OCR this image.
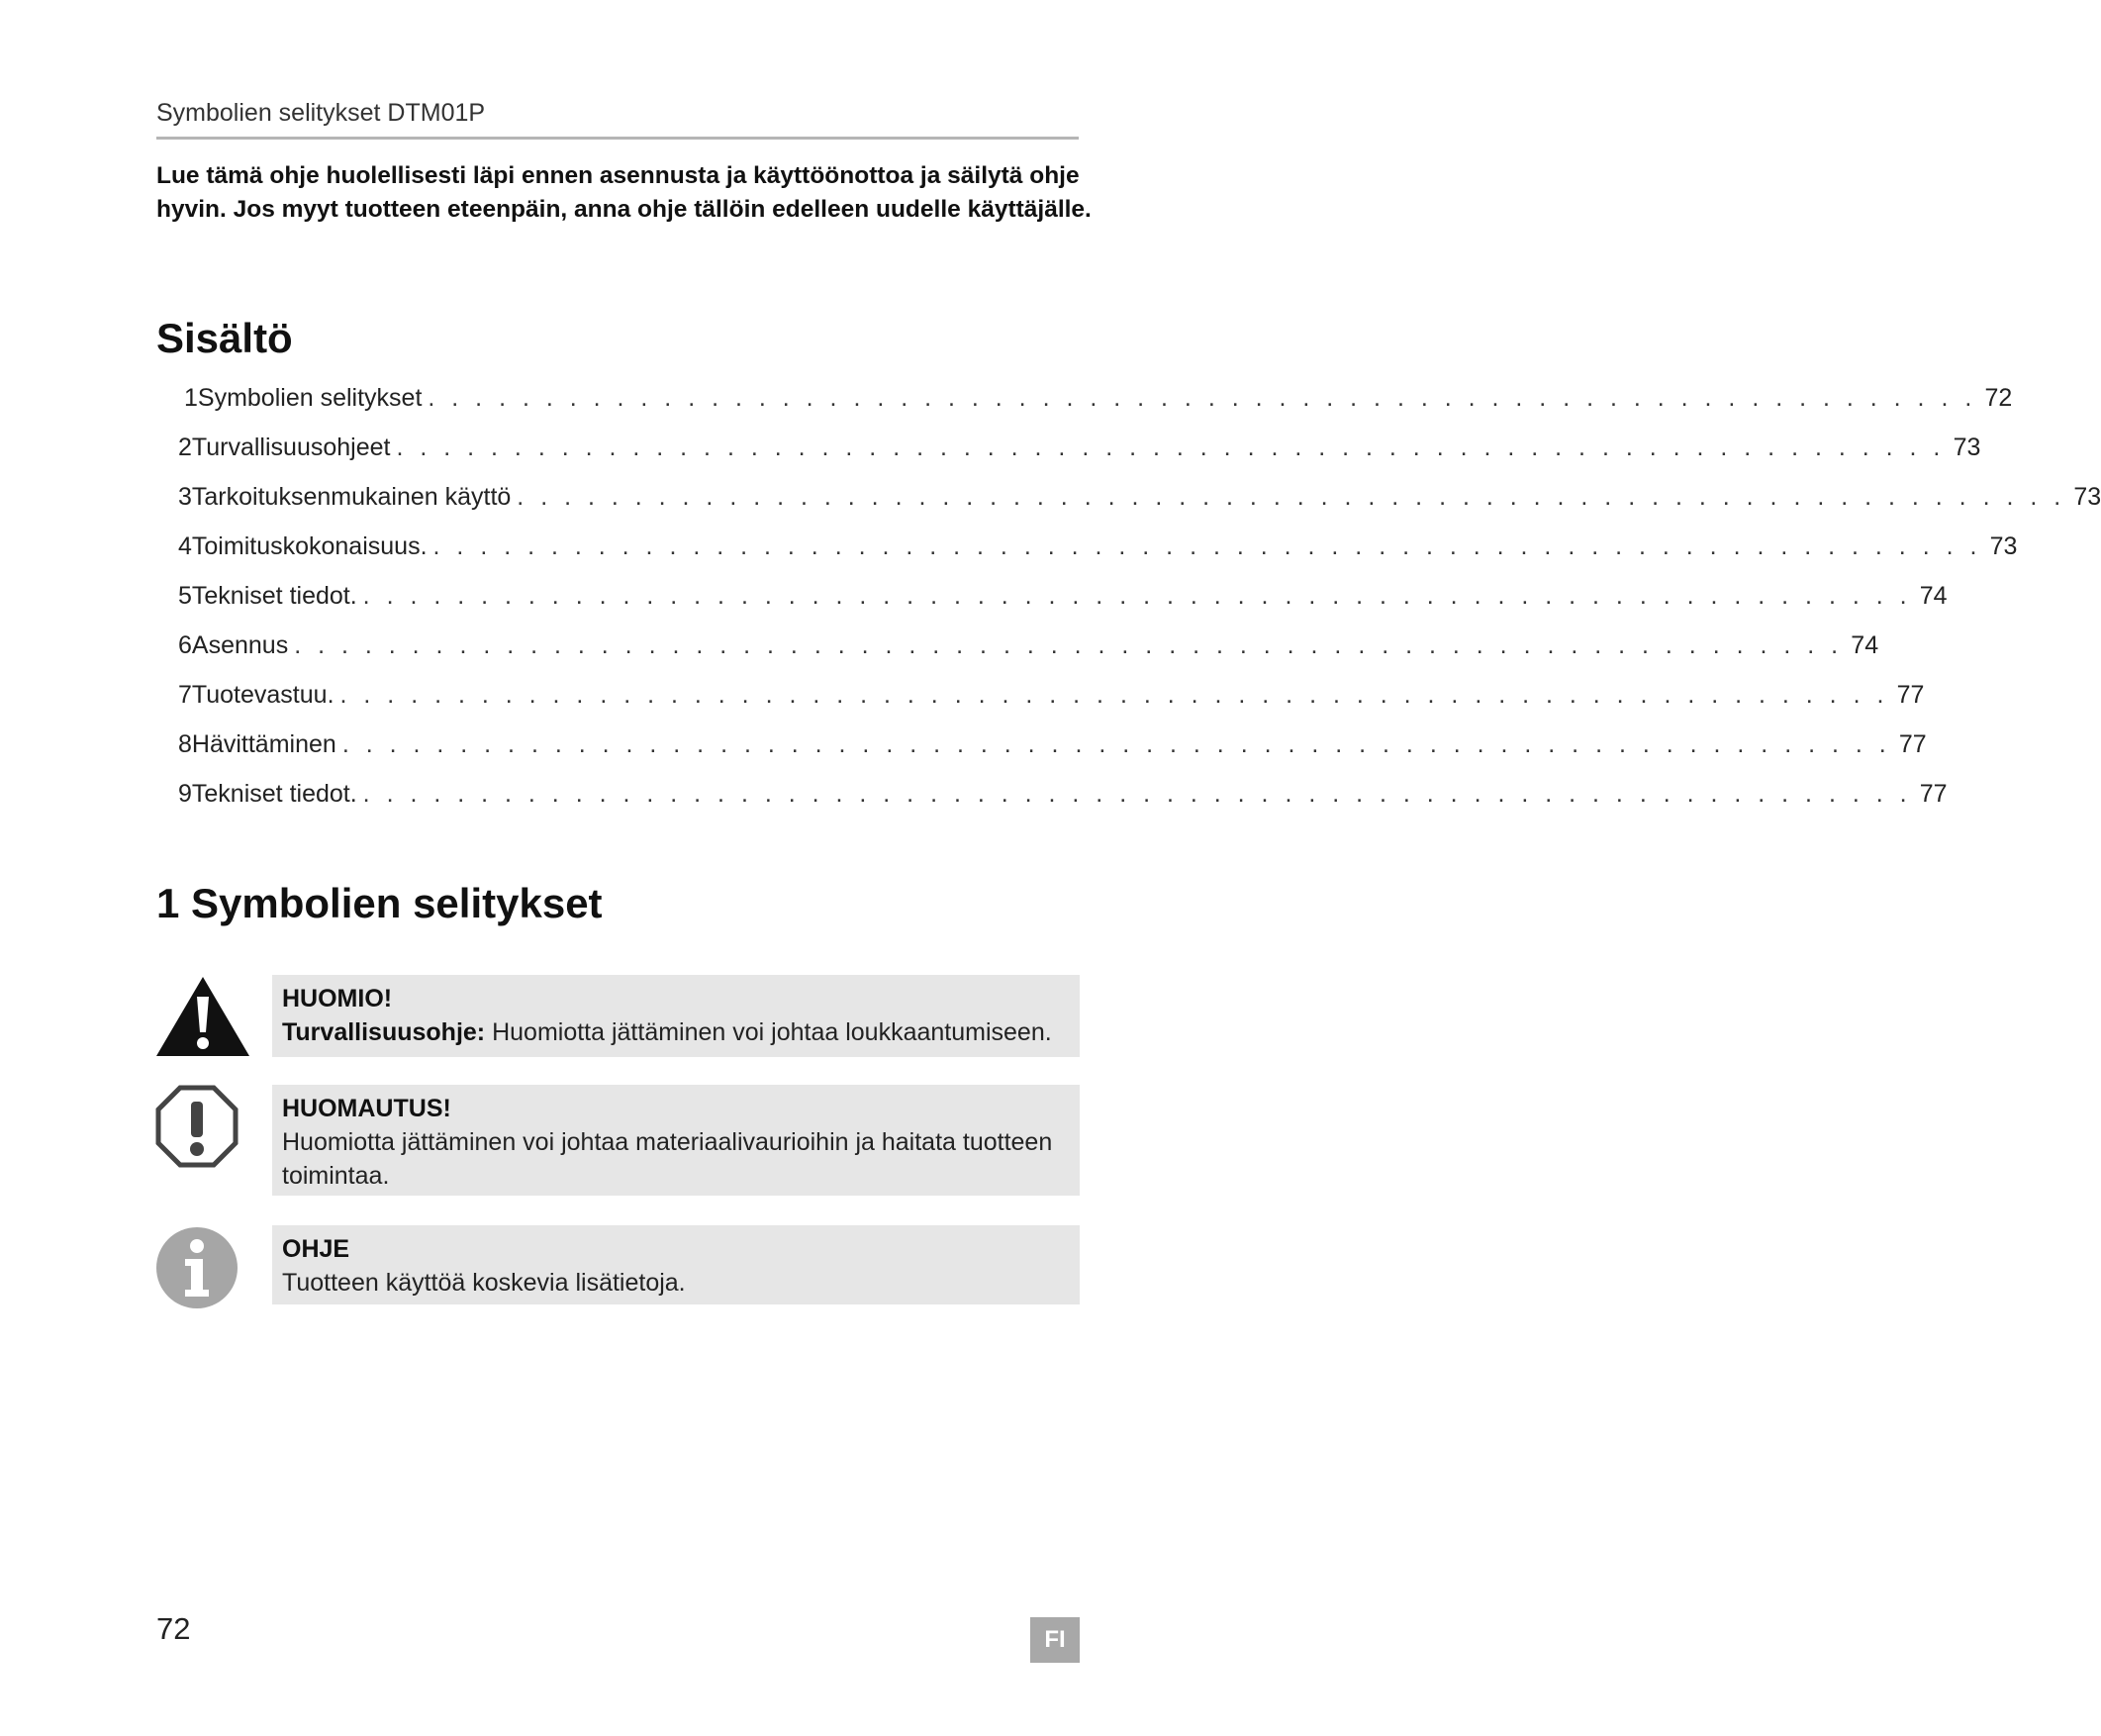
Symbolien selitykset DTM01P
Lue tämä ohje huolellisesti läpi ennen asennusta ja käyttöönottoa ja säilytä ohje hyvin. Jos myyt tuotteen eteenpäin, anna ohje tällöin edelleen uudelle käyttäjälle.
Sisältö
1 Symbolien selitykset . . . . . . . . . . . . . . . . . . . . . . . . . . . . . . . . . . . . . . . . . . . . . . . . . . . . . . . . . . . . . . . . . . 72
2 Turvallisuusohjeet . . . . . . . . . . . . . . . . . . . . . . . . . . . . . . . . . . . . . . . . . . . . . . . . . . . . . . . . . . . . . . . . . . 73
3 Tarkoituksenmukainen käyttö . . . . . . . . . . . . . . . . . . . . . . . . . . . . . . . . . . . . . . . . . . . . . . . . . . . . . . . . . . . . . . . . . . 73
4 Toimituskokonaisuus. . . . . . . . . . . . . . . . . . . . . . . . . . . . . . . . . . . . . . . . . . . . . . . . . . . . . . . . . . . . . . . . . . . 73
5 Tekniset tiedot. . . . . . . . . . . . . . . . . . . . . . . . . . . . . . . . . . . . . . . . . . . . . . . . . . . . . . . . . . . . . . . . . . . 74
6 Asennus . . . . . . . . . . . . . . . . . . . . . . . . . . . . . . . . . . . . . . . . . . . . . . . . . . . . . . . . . . . . . . . . . . 74
7 Tuotevastuu. . . . . . . . . . . . . . . . . . . . . . . . . . . . . . . . . . . . . . . . . . . . . . . . . . . . . . . . . . . . . . . . . . . 77
8 Hävittäminen . . . . . . . . . . . . . . . . . . . . . . . . . . . . . . . . . . . . . . . . . . . . . . . . . . . . . . . . . . . . . . . . . . 77
9 Tekniset tiedot. . . . . . . . . . . . . . . . . . . . . . . . . . . . . . . . . . . . . . . . . . . . . . . . . . . . . . . . . . . . . . . . . . . 77
1 Symbolien selitykset
HUOMIO!
Turvallisuusohje: Huomiotta jättäminen voi johtaa loukkaantumiseen.
HUOMAUTUS!
Huomiotta jättäminen voi johtaa materiaalivaurioihin ja haitata tuotteen toimintaa.
OHJE
Tuotteen käyttöä koskevia lisätietoja.
72	FI
